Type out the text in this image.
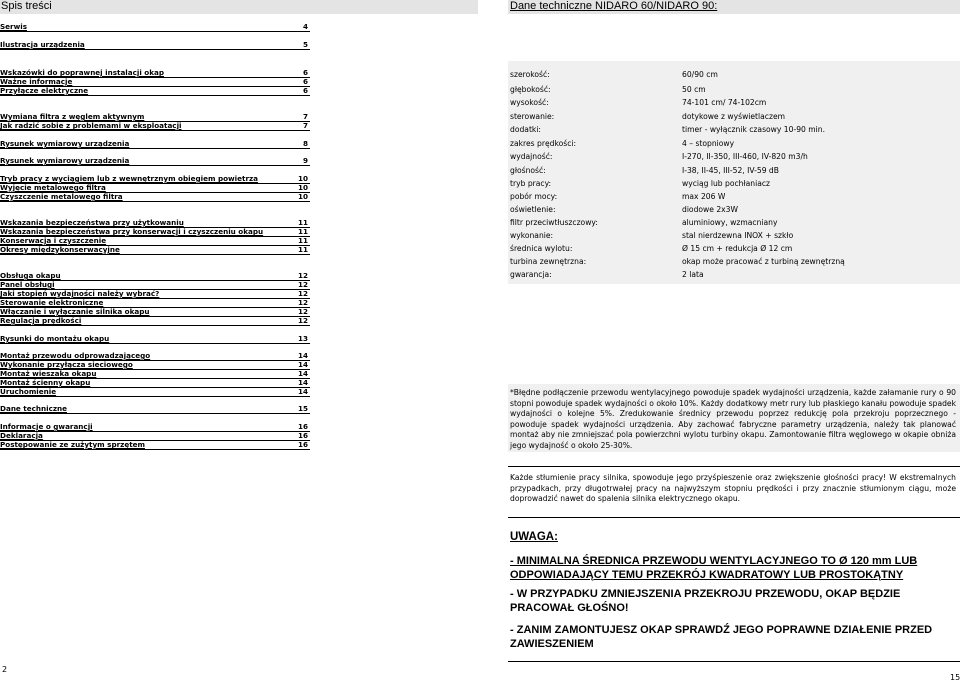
Spis treści	Dane techniczne NIDARO 60/NIDARO 90:
Serwis	4
Ilustracja urządzenia	5
Wskazówki do poprawnej instalacji okap	6
Ważne informacje	6
Przyłącze elektryczne	6
Wymiana filtra z węglem aktywnym	7
Jak radzić sobie z problemami w eksploatacji	7
Rysunek wymiarowy urządzenia	8
Rysunek wymiarowy urządzenia	9
Tryb pracy z wyciągiem lub z wewnętrznym obiegiem powietrza	10
Wyjęcie metalowego filtra	10
Czyszczenie metalowego filtra	10
Wskazania bezpieczeństwa przy użytkowaniu	11
Wskazania bezpieczeństwa przy konserwacji i czyszczeniu okapu	11
Konserwacja i czyszczenie	11
Okresy międzykonserwacyjne	11
Obsługa okapu	12
Panel obsługi	12
Jaki stopień wydajności należy wybrać?	12
Sterowanie elektroniczne	12
Włączanie i wyłączanie silnika okapu	12
Regulacja prędkości	12
Rysunki do montażu okapu	13
Montaż przewodu odprowadzającego	14
Wykonanie przyłącza sieciowego	14
Montaż wieszaka okapu	14
Montaż ścienny okapu	14
Uruchomienie	14
Dane techniczne	15
Informacje o gwarancji	16
Deklaracja	16
Postępowanie ze zużytym sprzętem	16
szerokość:	60/90 cm
głębokość:	50 cm
wysokość:	74-101 cm/ 74-102cm
sterowanie:	dotykowe z wyświetlaczem
dodatki:	timer - wyłącznik czasowy 10-90 min.
zakres prędkości:	4 – stopniowy
wydajność:	I-270, II-350, III-460, IV-820 m3/h
głośność:	I-38, II-45, III-52, IV-59 dB
tryb pracy:	wyciąg lub pochłaniacz
pobór mocy:	max 206 W
oświetlenie:	diodowe 2x3W
filtr przeciwtłuszczowy:	aluminiowy, wzmacniany
wykonanie:	stal nierdzewna INOX + szkło
średnica wylotu:	Ø 15 cm + redukcja Ø 12 cm
turbina zewnętrzna:	okap może pracować z turbiną zewnętrzną
gwarancja:	2 lata
*Błędne podłączenie przewodu wentylacyjnego powoduje spadek wydajności urządzenia, każde załamanie rury o 90 stopni powoduje spadek wydajności o około 10%. Każdy dodatkowy metr rury lub płaskiego kanału powoduje spadek wydajności o kolejne 5%. Zredukowanie średnicy przewodu poprzez redukcję pola przekroju poprzecznego - powoduje spadek wydajności urządzenia. Aby zachować fabryczne parametry urządzenia, należy tak planować montaż aby nie zmniejszać pola powierzchni wylotu turbiny okapu. Zamontowanie filtra węglowego w okapie obniża jego wydajność o około 25-30%.
Każde stłumienie pracy silnika, spowoduje jego przyśpieszenie oraz zwiększenie głośności pracy! W ekstremalnych przypadkach, przy długotrwałej pracy na najwyższym stopniu prędkości i przy znacznie stłumionym ciągu, może doprowadzić nawet do spalenia silnika elektrycznego okapu.
UWAGA:
- MINIMALNA ŚREDNICA PRZEWODU WENTYLACYJNEGO TO Ø 120 mm LUB ODPOWIADAJĄCY TEMU PRZEKRÓJ KWADRATOWY LUB PROSTOKĄTNY
- W PRZYPADKU ZMNIEJSZENIA PRZEKROJU PRZEWODU, OKAP BĘDZIE PRACOWAŁ GŁOŚNO!
- ZANIM ZAMONTUJESZ OKAP SPRAWDŹ JEGO POPRAWNE DZIAŁENIE PRZED ZAWIESZENIEM
2
15
